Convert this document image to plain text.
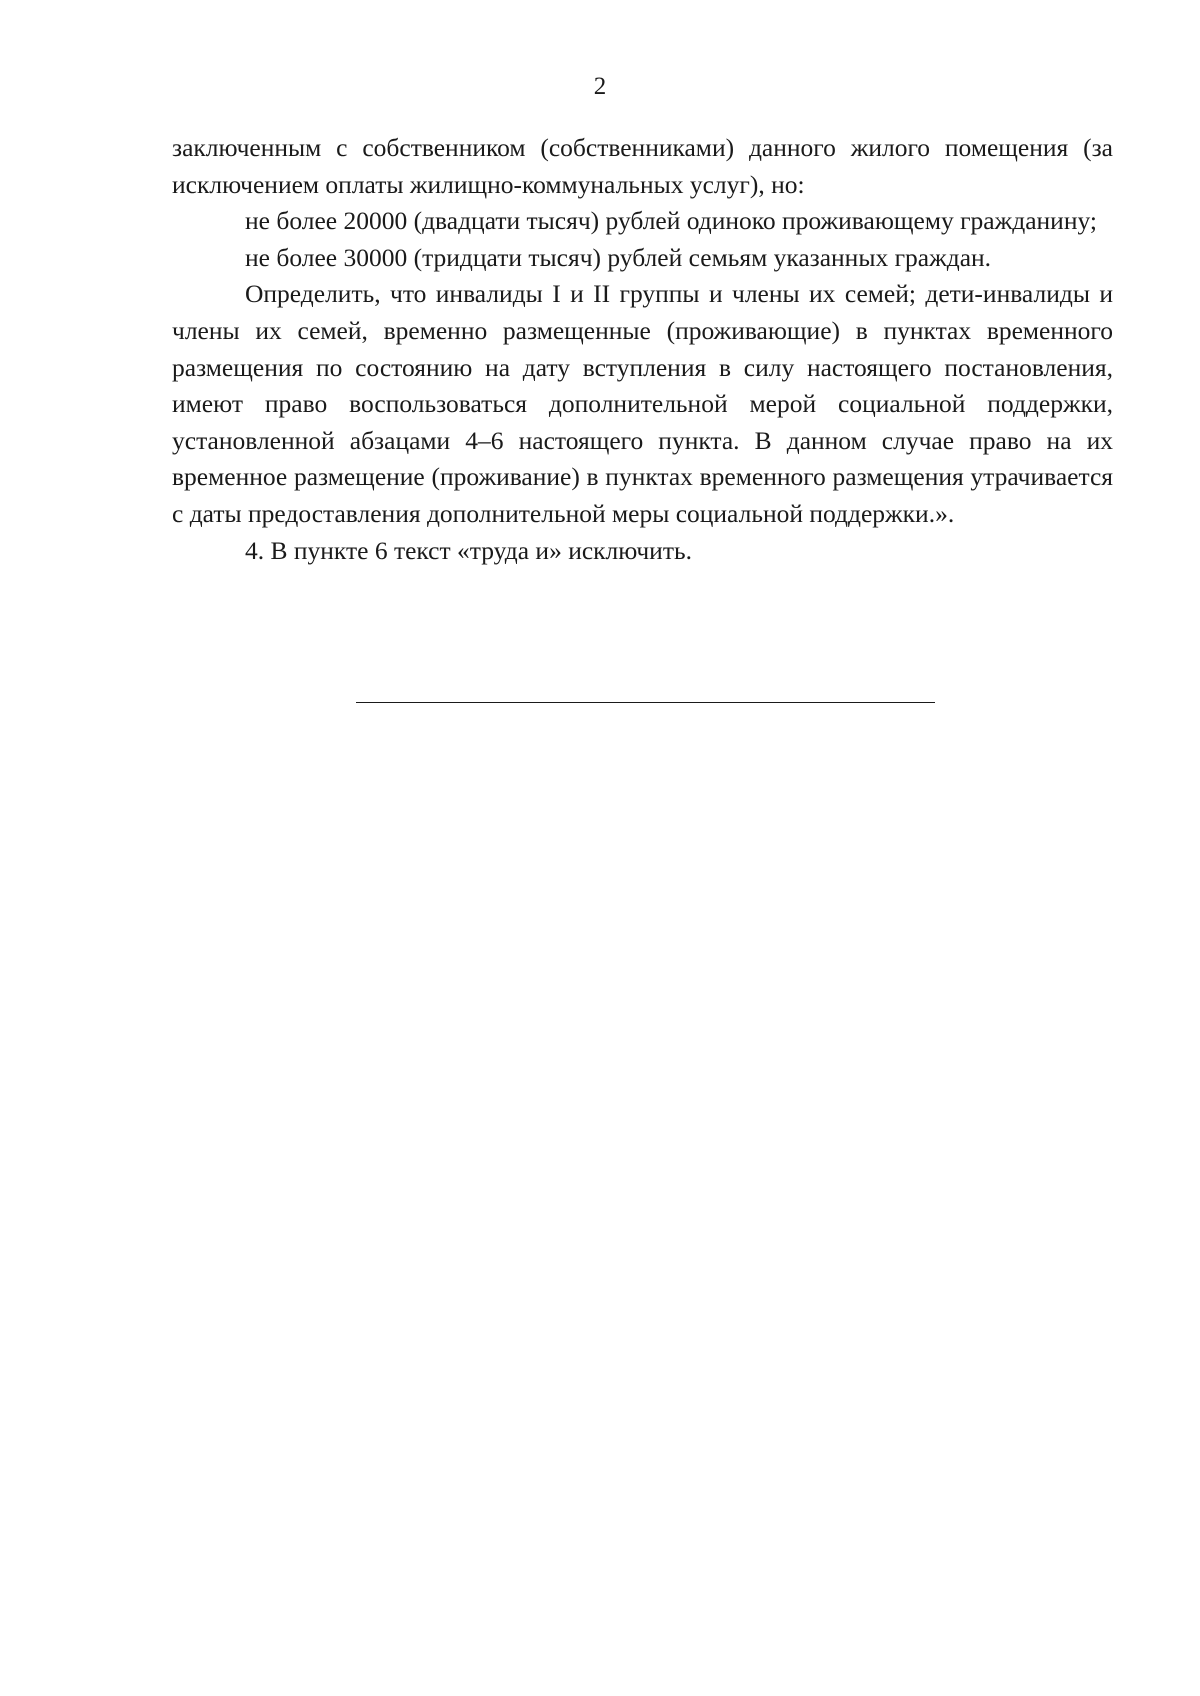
2

заключенным с собственником (собственниками) данного жилого помещения (за исключением оплаты жилищно-коммунальных услуг), но:

не более 20000 (двадцати тысяч) рублей одиноко проживающему гражданину;

не более 30000 (тридцати тысяч) рублей семьям указанных граждан.

Определить, что инвалиды I и II группы и члены их семей; дети-инвалиды и члены их семей, временно размещенные (проживающие) в пунктах временного размещения по состоянию на дату вступления в силу настоящего постановления, имеют право воспользоваться дополнительной мерой социальной поддержки, установленной абзацами 4–6 настоящего пункта. В данном случае право на их временное размещение (проживание) в пунктах временного размещения утрачивается с даты предоставления дополнительной меры социальной поддержки.».

4. В пункте 6 текст «труда и» исключить.
